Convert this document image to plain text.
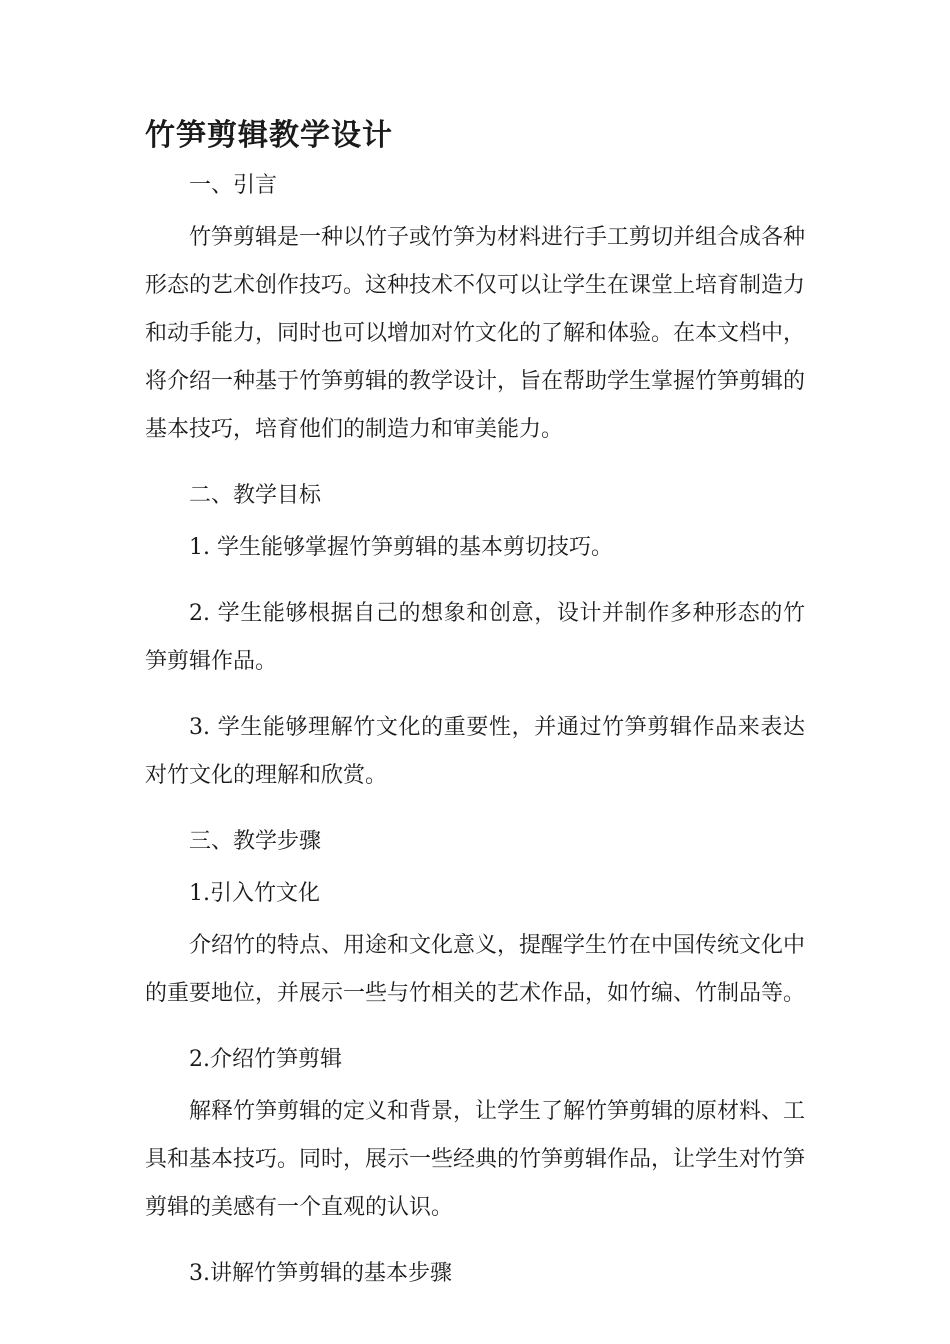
竹笋剪辑教学设计

一、引言

竹笋剪辑是一种以竹子或竹笋为材料进行手工剪切并组合成各种形态的艺术创作技巧。这种技术不仅可以让学生在课堂上培育制造力和动手能力，同时也可以增加对竹文化的了解和体验。在本文档中，将介绍一种基于竹笋剪辑的教学设计，旨在帮助学生掌握竹笋剪辑的基本技巧，培育他们的制造力和审美能力。

二、教学目标

1. 学生能够掌握竹笋剪辑的基本剪切技巧。

2. 学生能够根据自己的想象和创意，设计并制作多种形态的竹笋剪辑作品。

3. 学生能够理解竹文化的重要性，并通过竹笋剪辑作品来表达对竹文化的理解和欣赏。

三、教学步骤

1.引入竹文化

介绍竹的特点、用途和文化意义，提醒学生竹在中国传统文化中的重要地位，并展示一些与竹相关的艺术作品，如竹编、竹制品等。

2.介绍竹笋剪辑

解释竹笋剪辑的定义和背景，让学生了解竹笋剪辑的原材料、工具和基本技巧。同时，展示一些经典的竹笋剪辑作品，让学生对竹笋剪辑的美感有一个直观的认识。

3.讲解竹笋剪辑的基本步骤
